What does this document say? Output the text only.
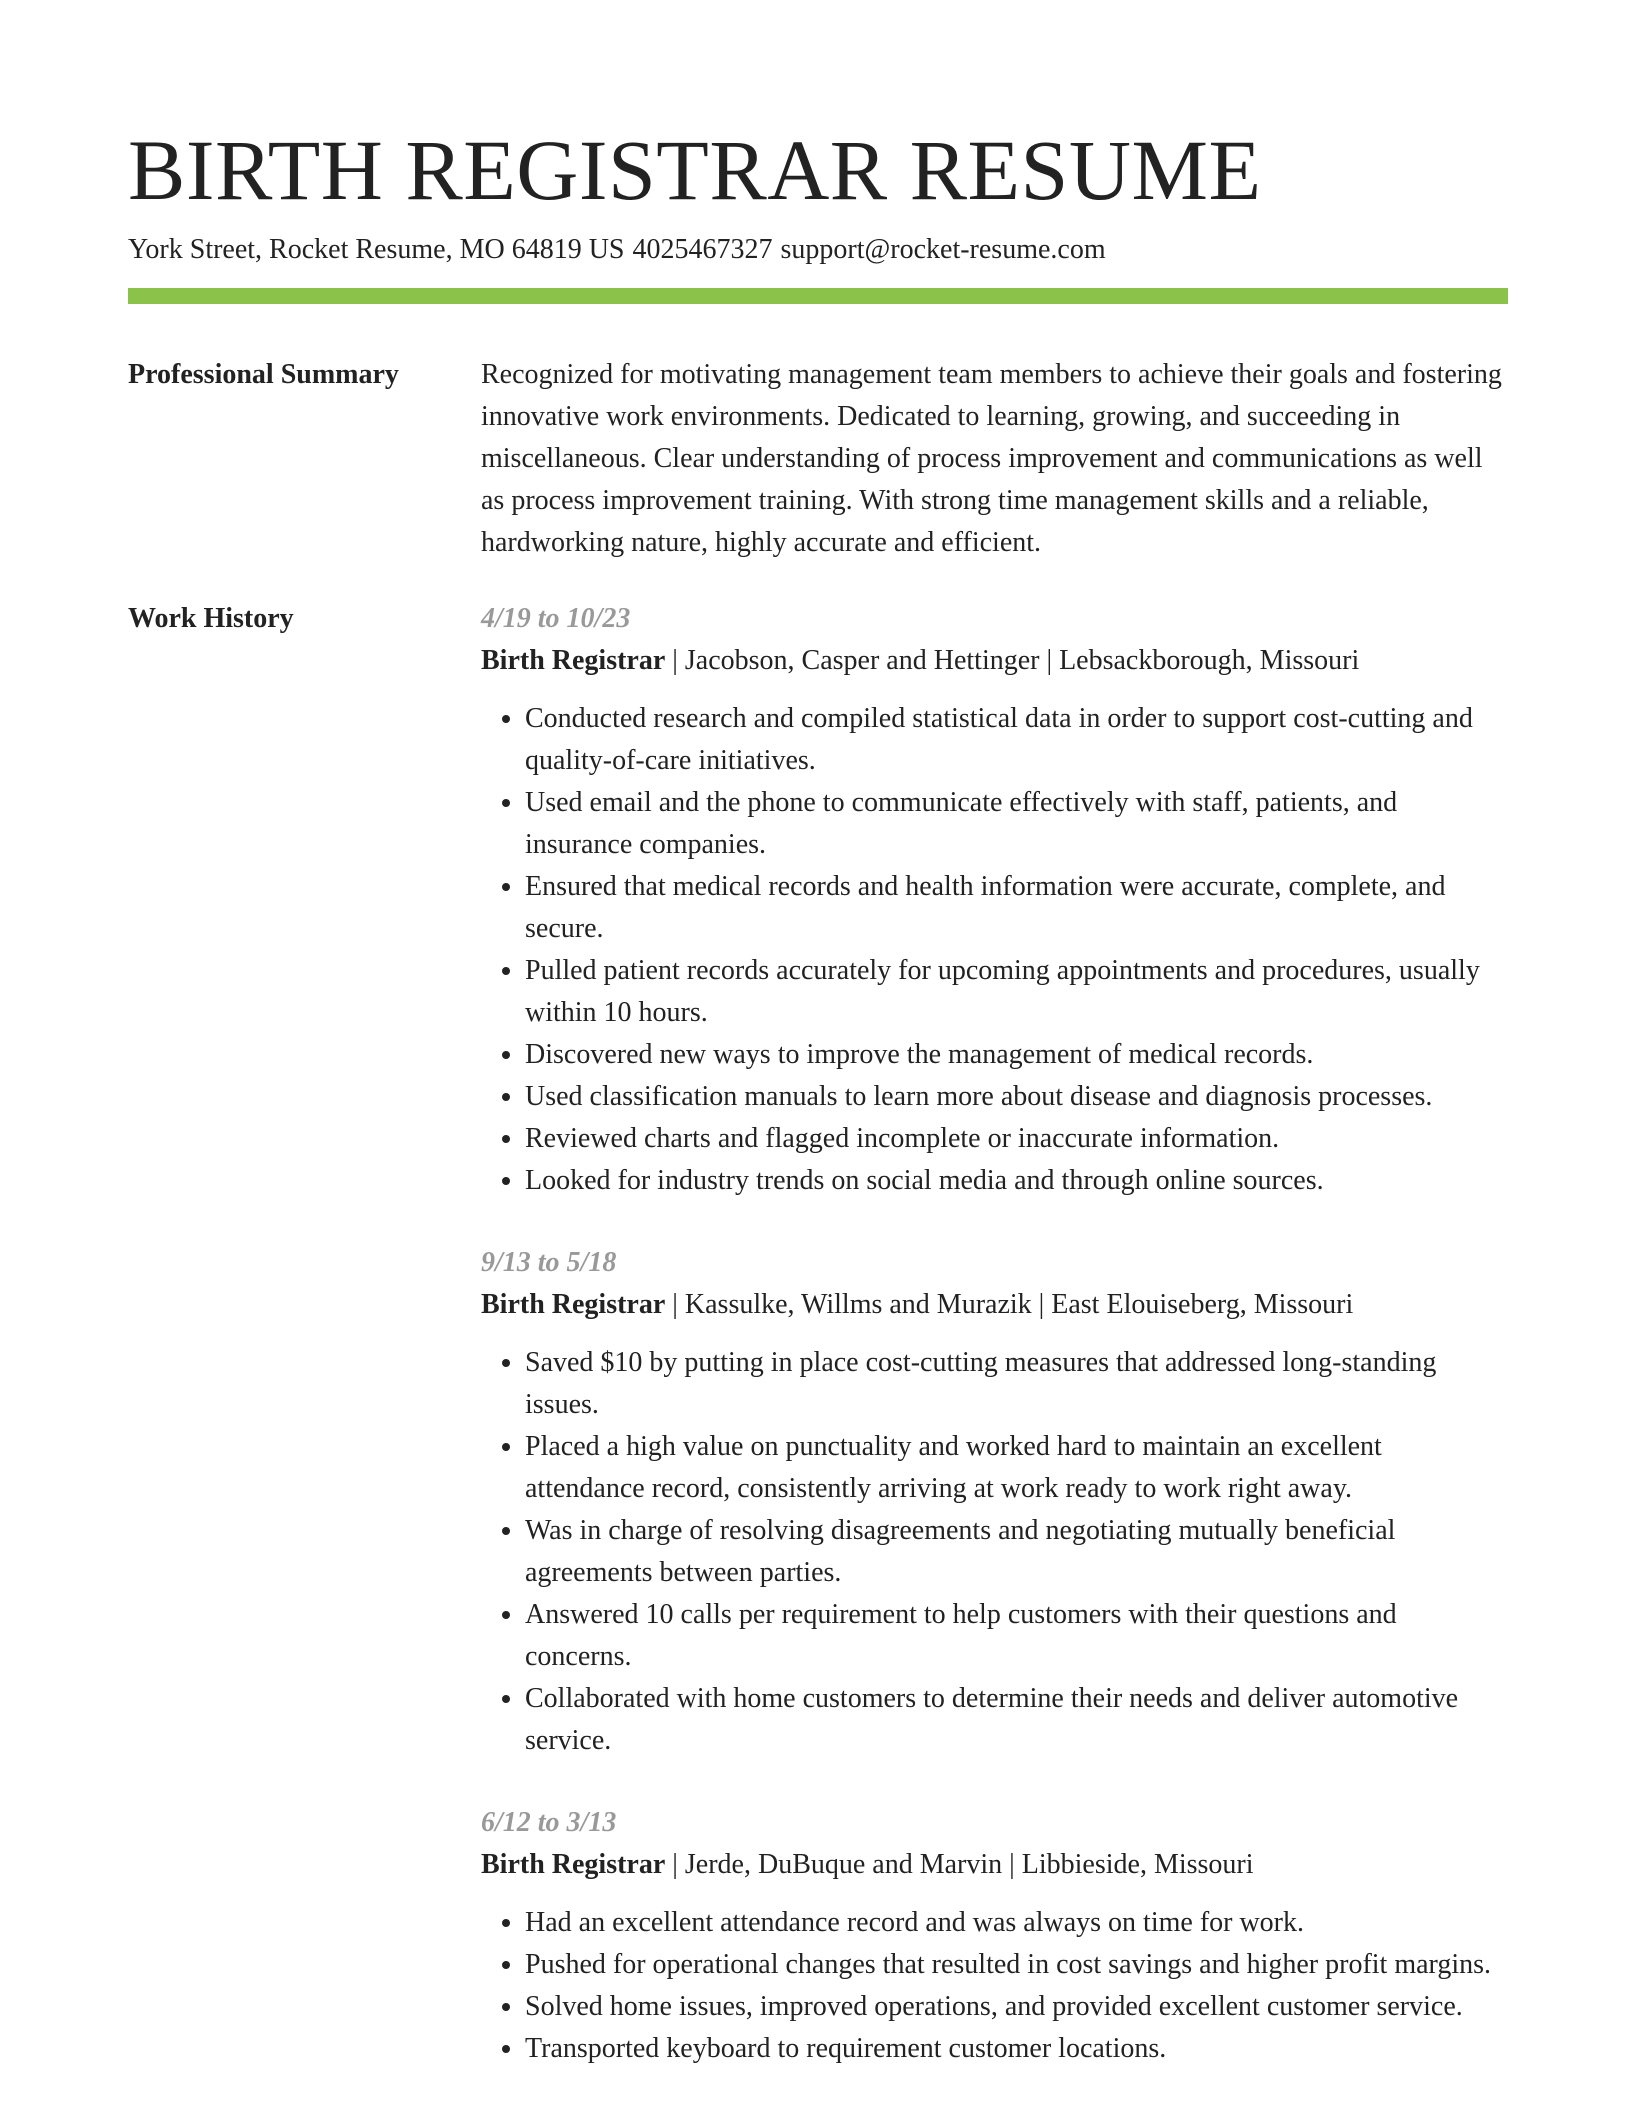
BIRTH REGISTRAR RESUME
York Street, Rocket Resume, MO 64819 US 4025467327 support@rocket-resume.com
Professional Summary	Recognized for motivating management team members to achieve their goals and fostering innovative work environments. Dedicated to learning, growing, and succeeding in miscellaneous. Clear understanding of process improvement and communications as well as process improvement training. With strong time management skills and a reliable, hardworking nature, highly accurate and efficient.

Work History	4/19 to 10/23
Birth Registrar | Jacobson, Casper and Hettinger | Lebsackborough, Missouri
• Conducted research and compiled statistical data in order to support cost-cutting and quality-of-care initiatives.
• Used email and the phone to communicate effectively with staff, patients, and insurance companies.
• Ensured that medical records and health information were accurate, complete, and secure.
• Pulled patient records accurately for upcoming appointments and procedures, usually within 10 hours.
• Discovered new ways to improve the management of medical records.
• Used classification manuals to learn more about disease and diagnosis processes.
• Reviewed charts and flagged incomplete or inaccurate information.
• Looked for industry trends on social media and through online sources.
9/13 to 5/18
Birth Registrar | Kassulke, Willms and Murazik | East Elouiseberg, Missouri
• Saved $10 by putting in place cost-cutting measures that addressed long-standing issues.
• Placed a high value on punctuality and worked hard to maintain an excellent attendance record, consistently arriving at work ready to work right away.
• Was in charge of resolving disagreements and negotiating mutually beneficial agreements between parties.
• Answered 10 calls per requirement to help customers with their questions and concerns.
• Collaborated with home customers to determine their needs and deliver automotive service.
6/12 to 3/13
Birth Registrar | Jerde, DuBuque and Marvin | Libbieside, Missouri
• Had an excellent attendance record and was always on time for work.
• Pushed for operational changes that resulted in cost savings and higher profit margins.
• Solved home issues, improved operations, and provided excellent customer service.
• Transported keyboard to requirement customer locations.
